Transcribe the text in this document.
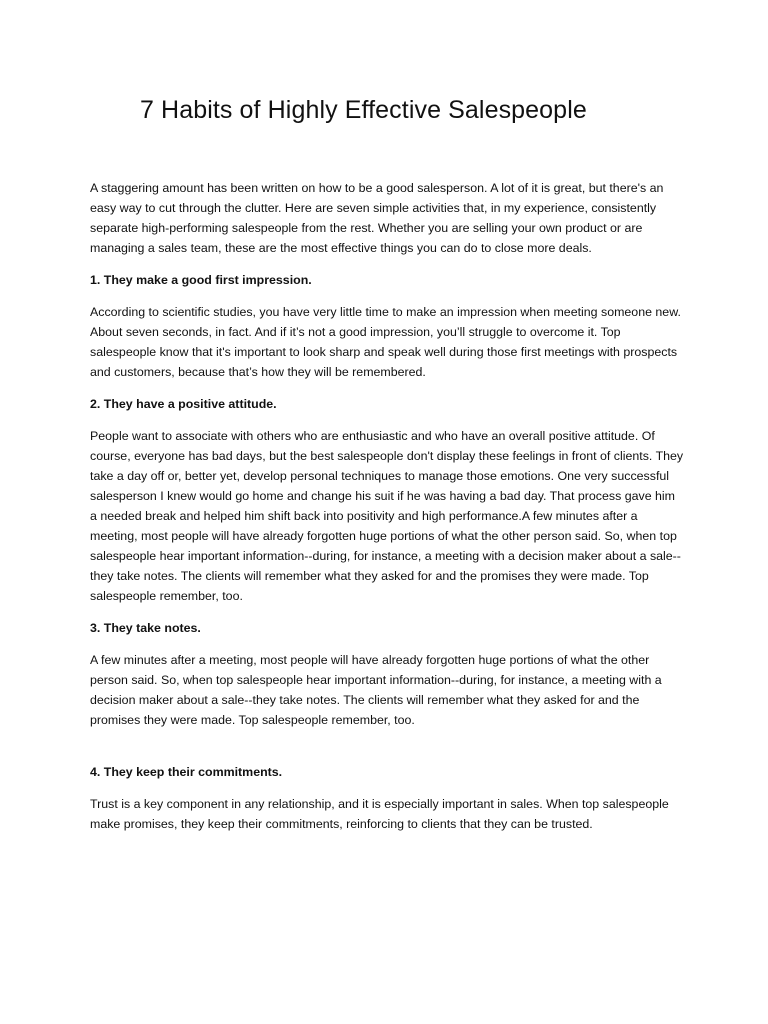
7 Habits of Highly Effective Salespeople

A staggering amount has been written on how to be a good salesperson. A lot of it is great, but there's an easy way to cut through the clutter. Here are seven simple activities that, in my experience, consistently separate high-performing salespeople from the rest. Whether you are selling your own product or are managing a sales team, these are the most effective things you can do to close more deals.

1. They make a good first impression.

According to scientific studies, you have very little time to make an impression when meeting someone new. About seven seconds, in fact. And if it’s not a good impression, you’ll struggle to overcome it. Top salespeople know that it's important to look sharp and speak well during those first meetings with prospects and customers, because that’s how they will be remembered.

2. They have a positive attitude.

People want to associate with others who are enthusiastic and who have an overall positive attitude. Of course, everyone has bad days, but the best salespeople don't display these feelings in front of clients. They take a day off or, better yet, develop personal techniques to manage those emotions. One very successful salesperson I knew would go home and change his suit if he was having a bad day. That process gave him a needed break and helped him shift back into positivity and high performance.A few minutes after a meeting, most people will have already forgotten huge portions of what the other person said. So, when top salespeople hear important information--during, for instance, a meeting with a decision maker about a sale--they take notes. The clients will remember what they asked for and the promises they were made. Top salespeople remember, too.

3. They take notes.

A few minutes after a meeting, most people will have already forgotten huge portions of what the other person said. So, when top salespeople hear important information--during, for instance, a meeting with a decision maker about a sale--they take notes. The clients will remember what they asked for and the promises they were made. Top salespeople remember, too.

4. They keep their commitments.

Trust is a key component in any relationship, and it is especially important in sales. When top salespeople make promises, they keep their commitments, reinforcing to clients that they can be trusted.
